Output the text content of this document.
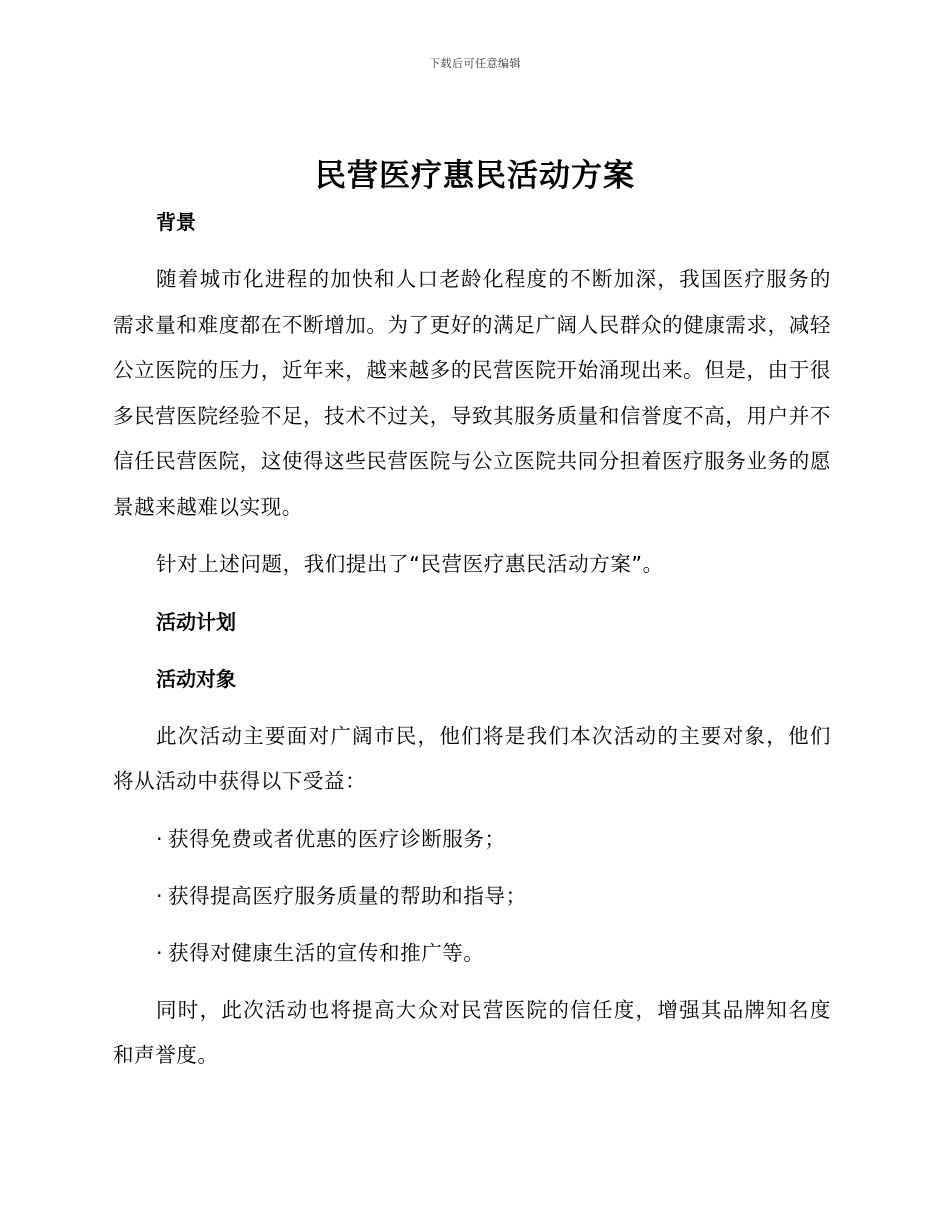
下载后可任意编辑
民营医疗惠民活动方案
背景

随着城市化进程的加快和人口老龄化程度的不断加深，我国医疗服务的需求量和难度都在不断增加。为了更好的满足广阔人民群众的健康需求，减轻公立医院的压力，近年来，越来越多的民营医院开始涌现出来。但是，由于很多民营医院经验不足，技术不过关，导致其服务质量和信誉度不高，用户并不信任民营医院，这使得这些民营医院与公立医院共同分担着医疗服务业务的愿景越来越难以实现。

针对上述问题，我们提出了“民营医疗惠民活动方案”。

活动计划
活动对象

此次活动主要面对广阔市民，他们将是我们本次活动的主要对象，他们将从活动中获得以下受益：

· 获得免费或者优惠的医疗诊断服务；
· 获得提高医疗服务质量的帮助和指导；
· 获得对健康生活的宣传和推广等。

同时，此次活动也将提高大众对民营医院的信任度，增强其品牌知名度和声誉度。
